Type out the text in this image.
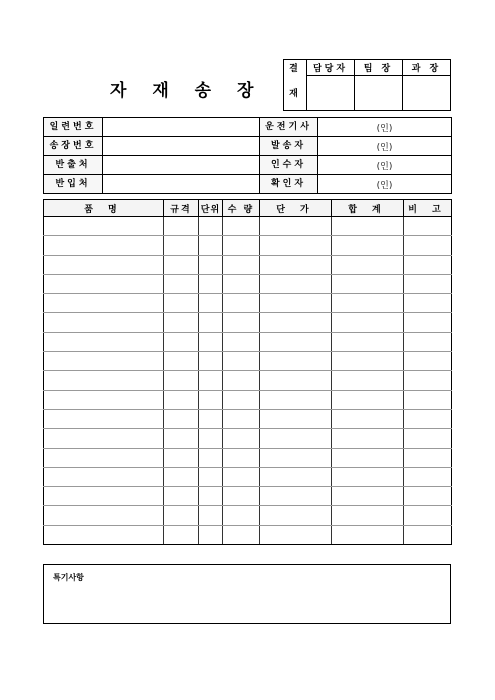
자 재 송 장
결	담당자	팀 장	과 장
재			
일련번호		운전기사	(인)
송장번호		발송자	(인)
반출처		인수자	(인)
반입처		확인자	(인)
품 명	규격	단위	수 량	단 가	합 계	비 고

특기사항
